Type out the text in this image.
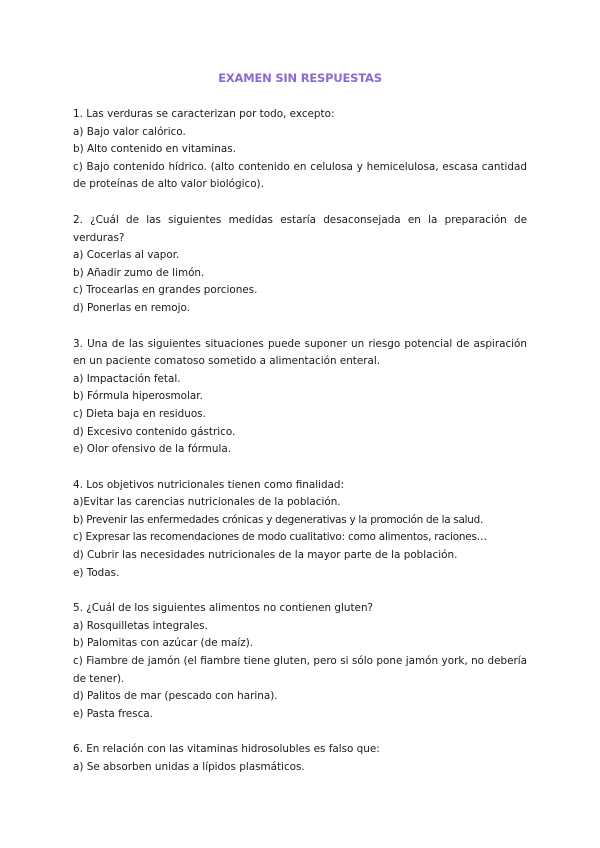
EXAMEN SIN RESPUESTAS

1. Las verduras se caracterizan por todo, excepto:

a) Bajo valor calórico.

b) Alto contenido en vitaminas.

c) Bajo contenido hídrico. (alto contenido en celulosa y hemicelulosa, escasa cantidad de proteínas de alto valor biológico).

2. ¿Cuál de las siguientes medidas estaría desaconsejada en la preparación de verduras?

a) Cocerlas al vapor.

b) Añadir zumo de limón.

c) Trocearlas en grandes porciones.

d) Ponerlas en remojo.

3. Una de las siguientes situaciones puede suponer un riesgo potencial de aspiración en un paciente comatoso sometido a alimentación enteral.

a) Impactación fetal.

b) Fórmula hiperosmolar.

c) Dieta baja en residuos.

d) Excesivo contenido gástrico.

e) Olor ofensivo de la fórmula.

4. Los objetivos nutricionales tienen como finalidad:

a)Evitar las carencias nutricionales de la población.

b) Prevenir las enfermedades crónicas y degenerativas y la promoción de la salud.

c) Expresar las recomendaciones de modo cualitativo: como alimentos, raciones…

d) Cubrir las necesidades nutricionales de la mayor parte de la población.

e) Todas.

5. ¿Cuál de los siguientes alimentos no contienen gluten?

a) Rosquilletas integrales.

b) Palomitas con azúcar (de maíz).

c) Fiambre de jamón (el fiambre tiene gluten, pero si sólo pone jamón york, no debería de tener).

d) Palitos de mar (pescado con harina).

e) Pasta fresca.

6. En relación con las vitaminas hidrosolubles es falso que:

a) Se absorben unidas a lípidos plasmáticos.
